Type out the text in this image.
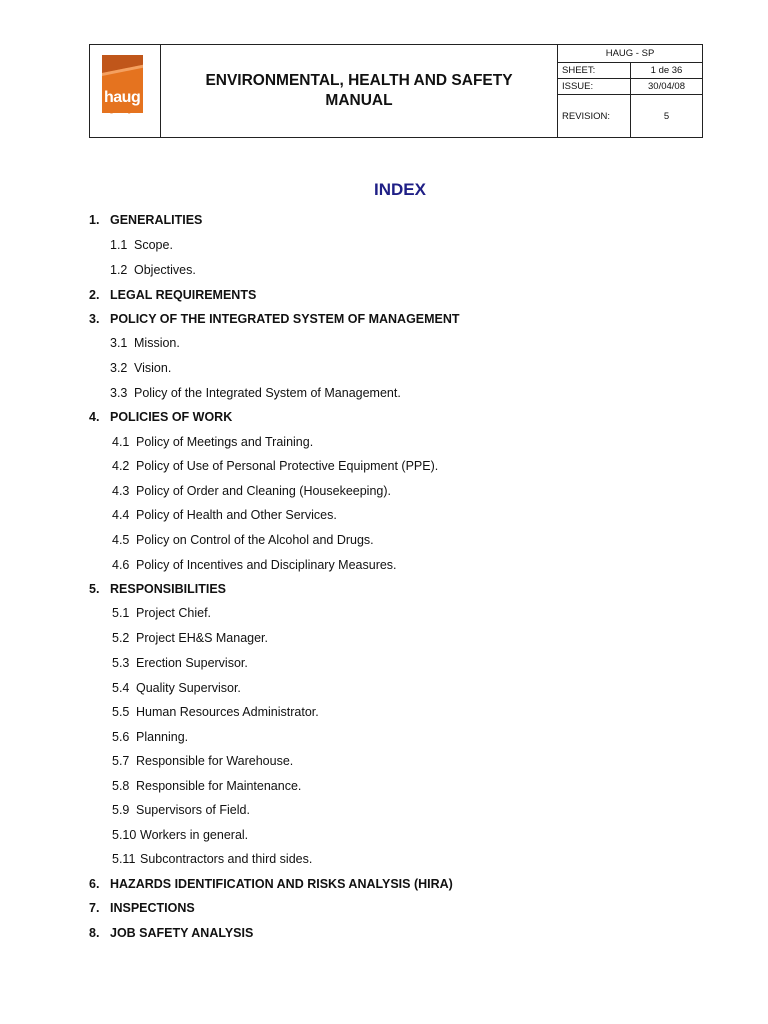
haug
Engineering
ENVIRONMENTAL, HEALTH AND SAFETY MANUAL
HAUG - SP
SHEET:	1 de 36
ISSUE:	30/04/08
REVISION:	5
INDEX
1. GENERALITIES
1.1 Scope.
1.2 Objectives.
2. LEGAL REQUIREMENTS
3. POLICY OF THE INTEGRATED SYSTEM OF MANAGEMENT
3.1 Mission.
3.2 Vision.
3.3 Policy of the Integrated System of Management.
4. POLICIES OF WORK
4.1 Policy of Meetings and Training.
4.2 Policy of Use of Personal Protective Equipment (PPE).
4.3 Policy of Order and Cleaning (Housekeeping).
4.4 Policy of Health and Other Services.
4.5 Policy on Control of the Alcohol and Drugs.
4.6 Policy of Incentives and Disciplinary Measures.
5. RESPONSIBILITIES
5.1 Project Chief.
5.2 Project EH&S Manager.
5.3 Erection Supervisor.
5.4 Quality Supervisor.
5.5 Human Resources Administrator.
5.6 Planning.
5.7 Responsible for Warehouse.
5.8 Responsible for Maintenance.
5.9 Supervisors of Field.
5.10 Workers in general.
5.11 Subcontractors and third sides.
6. HAZARDS IDENTIFICATION AND RISKS ANALYSIS (HIRA)
7. INSPECTIONS
8. JOB SAFETY ANALYSIS
